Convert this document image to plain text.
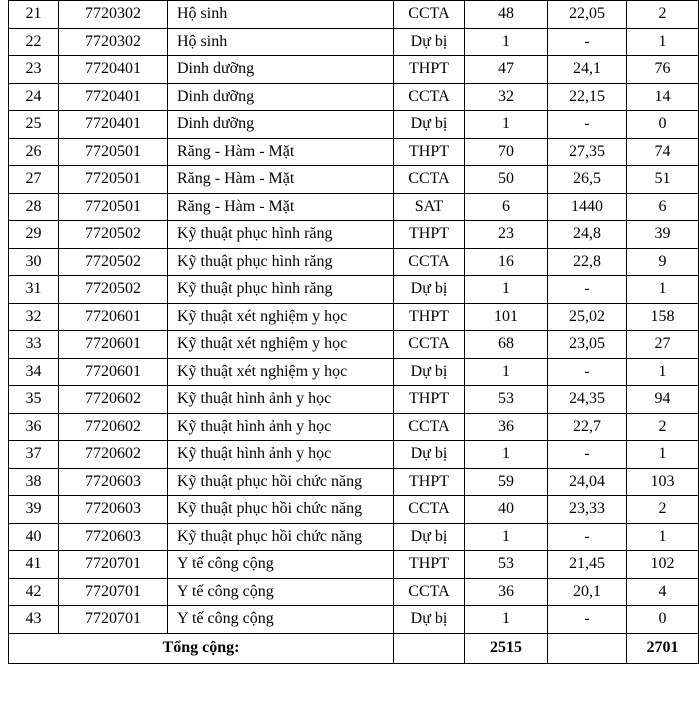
21	7720302	Hộ sinh	CCTA	48	22,05	2
22	7720302	Hộ sinh	Dự bị	1	-	1
23	7720401	Dinh dưỡng	THPT	47	24,1	76
24	7720401	Dinh dưỡng	CCTA	32	22,15	14
25	7720401	Dinh dưỡng	Dự bị	1	-	0
26	7720501	Răng - Hàm - Mặt	THPT	70	27,35	74
27	7720501	Răng - Hàm - Mặt	CCTA	50	26,5	51
28	7720501	Răng - Hàm - Mặt	SAT	6	1440	6
29	7720502	Kỹ thuật phục hình răng	THPT	23	24,8	39
30	7720502	Kỹ thuật phục hình răng	CCTA	16	22,8	9
31	7720502	Kỹ thuật phục hình răng	Dự bị	1	-	1
32	7720601	Kỹ thuật xét nghiệm y học	THPT	101	25,02	158
33	7720601	Kỹ thuật xét nghiệm y học	CCTA	68	23,05	27
34	7720601	Kỹ thuật xét nghiệm y học	Dự bị	1	-	1
35	7720602	Kỹ thuật hình ảnh y học	THPT	53	24,35	94
36	7720602	Kỹ thuật hình ảnh y học	CCTA	36	22,7	2
37	7720602	Kỹ thuật hình ảnh y học	Dự bị	1	-	1
38	7720603	Kỹ thuật phục hồi chức năng	THPT	59	24,04	103
39	7720603	Kỹ thuật phục hồi chức năng	CCTA	40	23,33	2
40	7720603	Kỹ thuật phục hồi chức năng	Dự bị	1	-	1
41	7720701	Y tế công cộng	THPT	53	21,45	102
42	7720701	Y tế công cộng	CCTA	36	20,1	4
43	7720701	Y tế công cộng	Dự bị	1	-	0
Tổng cộng:				2515		2701
